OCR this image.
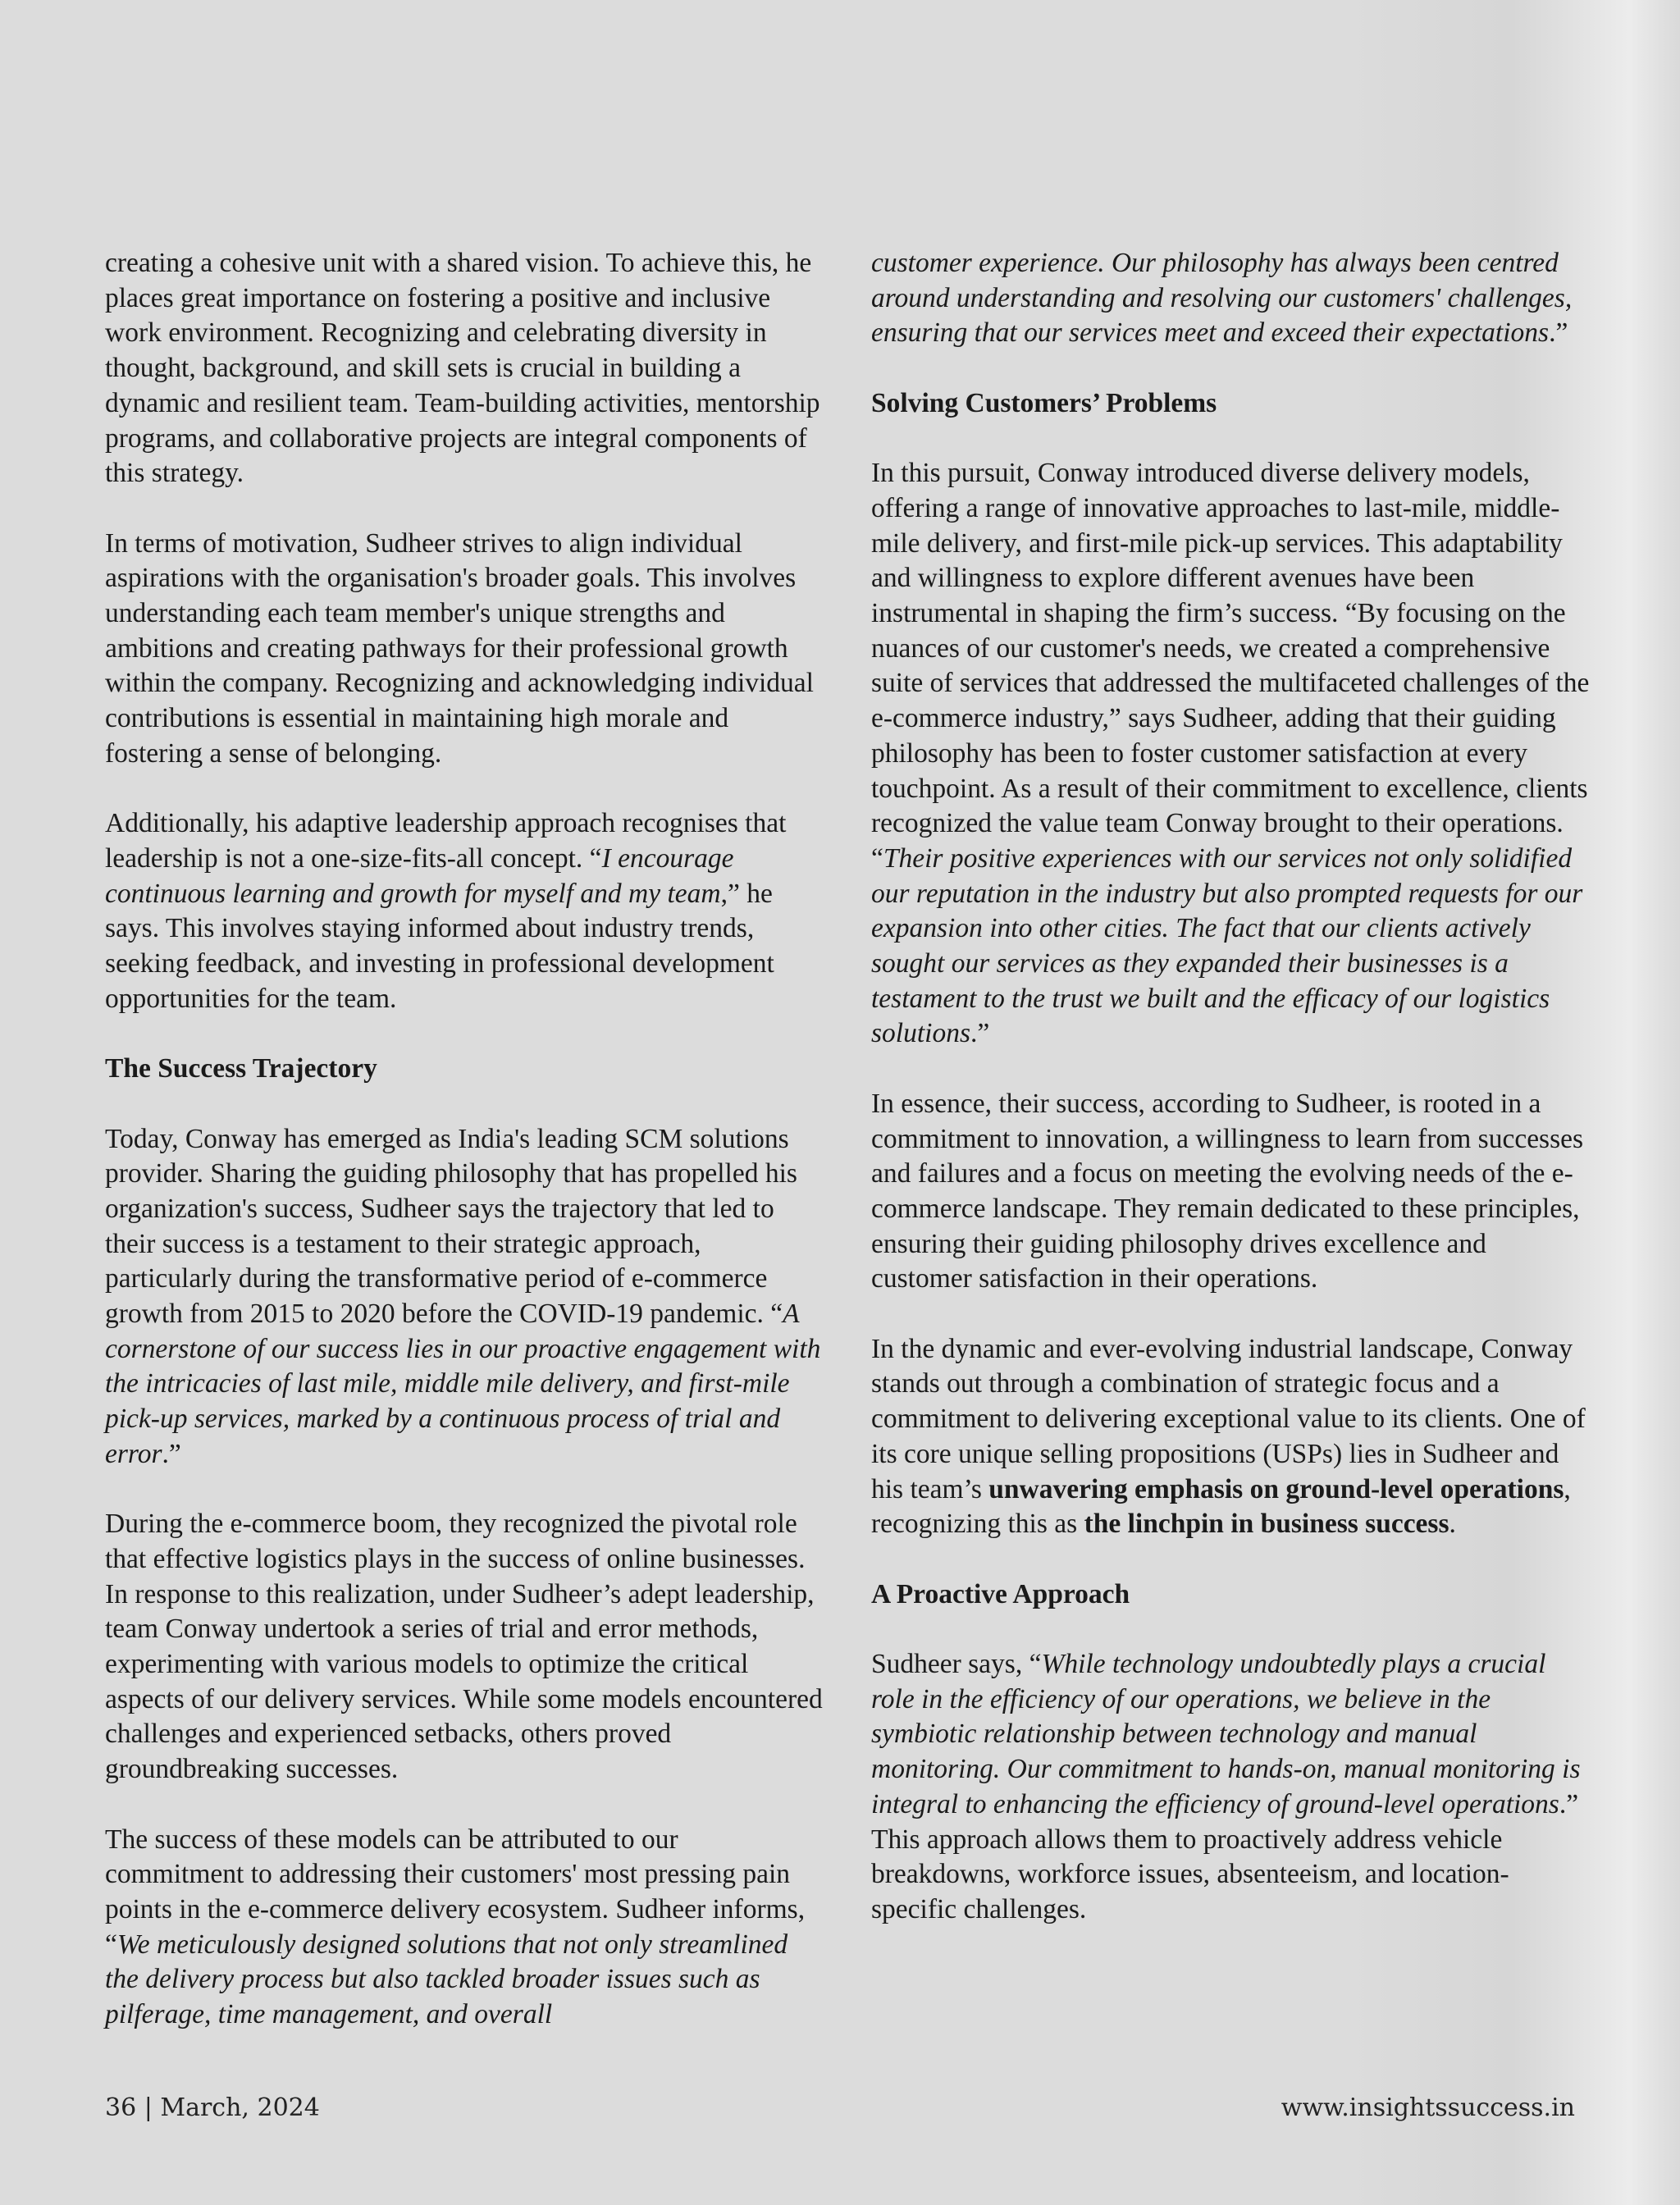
creating a cohesive unit with a shared vision. To achieve this, he places great importance on fostering a positive and inclusive work environment. Recognizing and celebrating diversity in thought, background, and skill sets is crucial in building a dynamic and resilient team. Team-building activities, mentorship programs, and collaborative projects are integral components of this strategy.

In terms of motivation, Sudheer strives to align individual aspirations with the organisation's broader goals. This involves understanding each team member's unique strengths and ambitions and creating pathways for their professional growth within the company. Recognizing and acknowledging individual contributions is essential in maintaining high morale and fostering a sense of belonging.

Additionally, his adaptive leadership approach recognises that leadership is not a one-size-fits-all concept. “I encourage continuous learning and growth for myself and my team,” he says. This involves staying informed about industry trends, seeking feedback, and investing in professional development opportunities for the team.

The Success Trajectory

Today, Conway has emerged as India's leading SCM solutions provider. Sharing the guiding philosophy that has propelled his organization's success, Sudheer says the trajectory that led to their success is a testament to their strategic approach, particularly during the transformative period of e-commerce growth from 2015 to 2020 before the COVID-19 pandemic. “A cornerstone of our success lies in our proactive engagement with the intricacies of last mile, middle mile delivery, and first-mile pick-up services, marked by a continuous process of trial and error.”

During the e-commerce boom, they recognized the pivotal role that effective logistics plays in the success of online businesses. In response to this realization, under Sudheer’s adept leadership, team Conway undertook a series of trial and error methods, experimenting with various models to optimize the critical aspects of our delivery services. While some models encountered challenges and experienced setbacks, others proved groundbreaking successes.

The success of these models can be attributed to our commitment to addressing their customers' most pressing pain points in the e-commerce delivery ecosystem. Sudheer informs, “We meticulously designed solutions that not only streamlined the delivery process but also tackled broader issues such as pilferage, time management, and overall

customer experience. Our philosophy has always been centred around understanding and resolving our customers' challenges, ensuring that our services meet and exceed their expectations.”

Solving Customers’ Problems

In this pursuit, Conway introduced diverse delivery models, offering a range of innovative approaches to last-mile, middle-mile delivery, and first-mile pick-up services. This adaptability and willingness to explore different avenues have been instrumental in shaping the firm’s success. “By focusing on the nuances of our customer's needs, we created a comprehensive suite of services that addressed the multifaceted challenges of the e-commerce industry,” says Sudheer, adding that their guiding philosophy has been to foster customer satisfaction at every touchpoint. As a result of their commitment to excellence, clients recognized the value team Conway brought to their operations. “Their positive experiences with our services not only solidified our reputation in the industry but also prompted requests for our expansion into other cities. The fact that our clients actively sought our services as they expanded their businesses is a testament to the trust we built and the efficacy of our logistics solutions.”

In essence, their success, according to Sudheer, is rooted in a commitment to innovation, a willingness to learn from successes and failures and a focus on meeting the evolving needs of the e-commerce landscape. They remain dedicated to these principles, ensuring their guiding philosophy drives excellence and customer satisfaction in their operations.

In the dynamic and ever-evolving industrial landscape, Conway stands out through a combination of strategic focus and a commitment to delivering exceptional value to its clients. One of its core unique selling propositions (USPs) lies in Sudheer and his team’s unwavering emphasis on ground-level operations, recognizing this as the linchpin in business success.

A Proactive Approach

Sudheer says, “While technology undoubtedly plays a crucial role in the efficiency of our operations, we believe in the symbiotic relationship between technology and manual monitoring. Our commitment to hands-on, manual monitoring is integral to enhancing the efficiency of ground-level operations.” This approach allows them to proactively address vehicle breakdowns, workforce issues, absenteeism, and location-specific challenges.

36 | March, 2024	www.insightssuccess.in
